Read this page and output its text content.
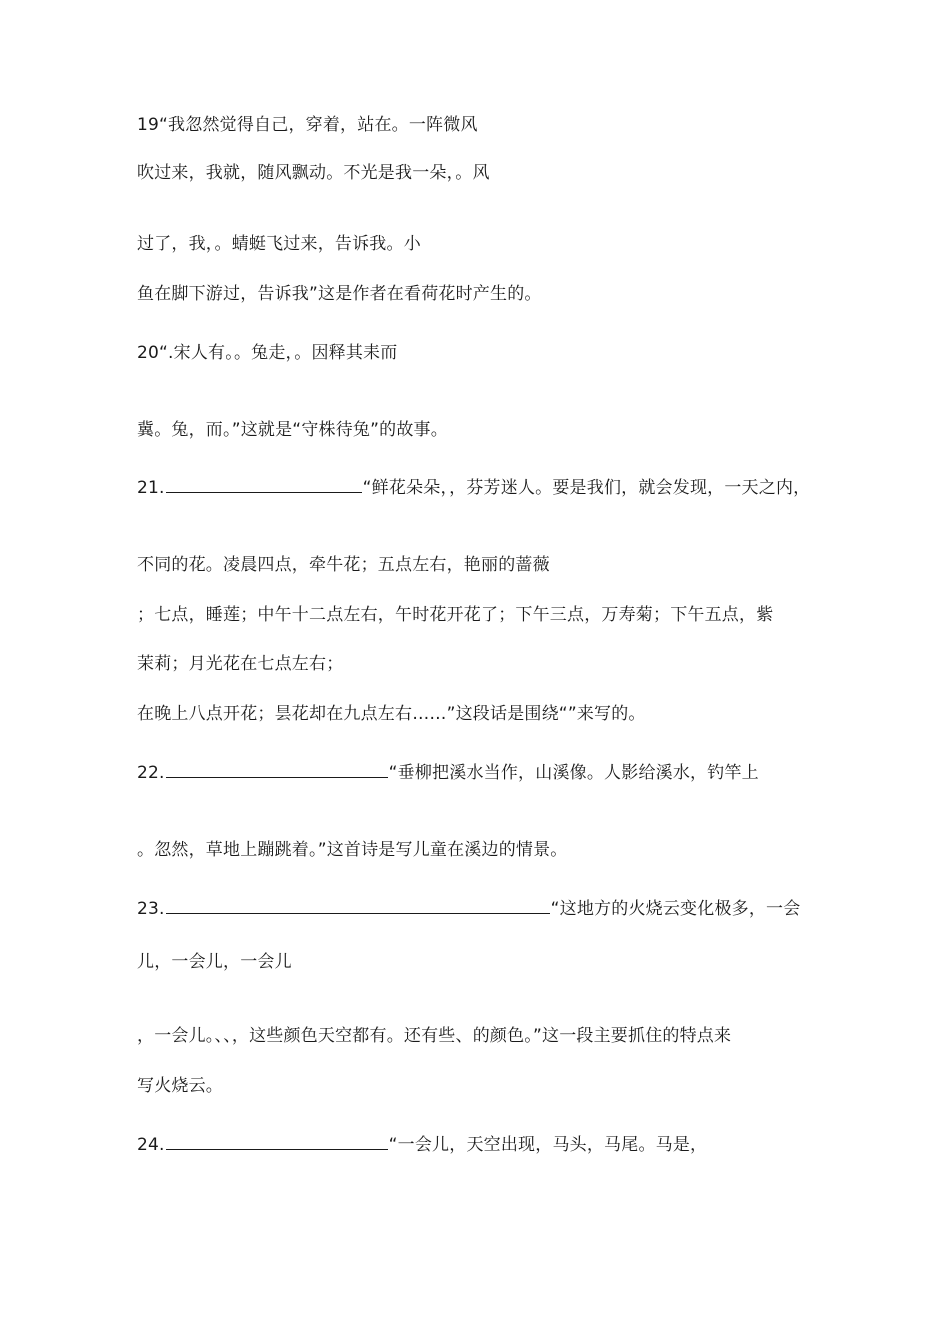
19“我忽然觉得自己，穿着，站在。一阵微风
吹过来，我就，随风飘动。不光是我一朵，。风
过了，我，。蜻蜓飞过来，告诉我。小
鱼在脚下游过，告诉我”这是作者在看荷花时产生的。
20“.宋人有。。兔走，。因释其耒而
冀。兔，而。”这就是“守株待兔”的故事。
21.	“鲜花朵朵，，芬芳迷人。要是我们，就会发现，一天之内，
不同的花。凌晨四点，牵牛花；五点左右，艳丽的蔷薇
；七点，睡莲；中午十二点左右，午时花开花了；下午三点，万寿菊；下午五点，紫
茉莉；月光花在七点左右；
在晚上八点开花；昙花却在九点左右……”这段话是围绕“”来写的。
22.	“垂柳把溪水当作，山溪像。人影给溪水，钓竿上
。忽然，草地上蹦跳着。”这首诗是写儿童在溪边的情景。
23.	“这地方的火烧云变化极多，一会
儿，一会儿，一会儿
，一会儿。、、，这些颜色天空都有。还有些、的颜色。”这一段主要抓住的特点来
写火烧云。
24.	“一会儿，天空出现，马头，马尾。马是，
